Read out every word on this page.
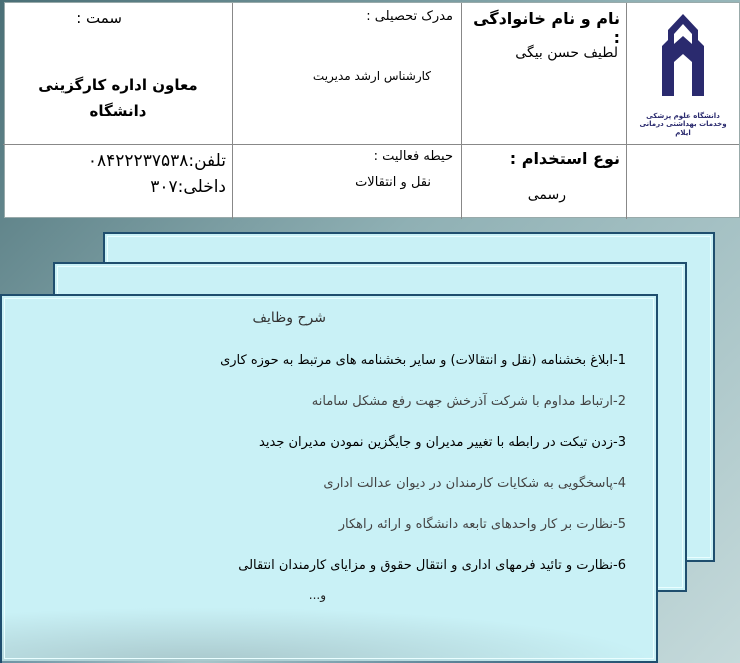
دانشگاه علوم پزشکی وخدمات بهداشتی درمانی ایلام
نام و نام خانوادگی :
لطیف حسن بیگی
مدرک تحصیلی :
کارشناس ارشد مدیریت
سمت :
معاون اداره کارگزینی دانشگاه
نوع استخدام :
رسمی
حیطه فعالیت :
نقل و انتقالات
تلفن:۰۸۴۲۲۲۳۷۵۳۸
داخلی:۳۰۷
شرح وظایف
1-ابلاغ بخشنامه (نقل و انتقالات) و سایر بخشنامه های مرتبط به حوزه کاری
2-ارتباط مداوم با شرکت آذرخش جهت رفع مشکل سامانه
3-زدن تیکت در رابطه با تغییر مدیران و جایگزین نمودن مدیران جدید
4-پاسخگویی به شکایات کارمندان در دیوان عدالت اداری
5-نظارت بر کار واحدهای تابعه دانشگاه و ارائه راهکار
6-نظارت و تائید فرمهای اداری و انتقال حقوق و مزایای کارمندان انتقالی
و...
